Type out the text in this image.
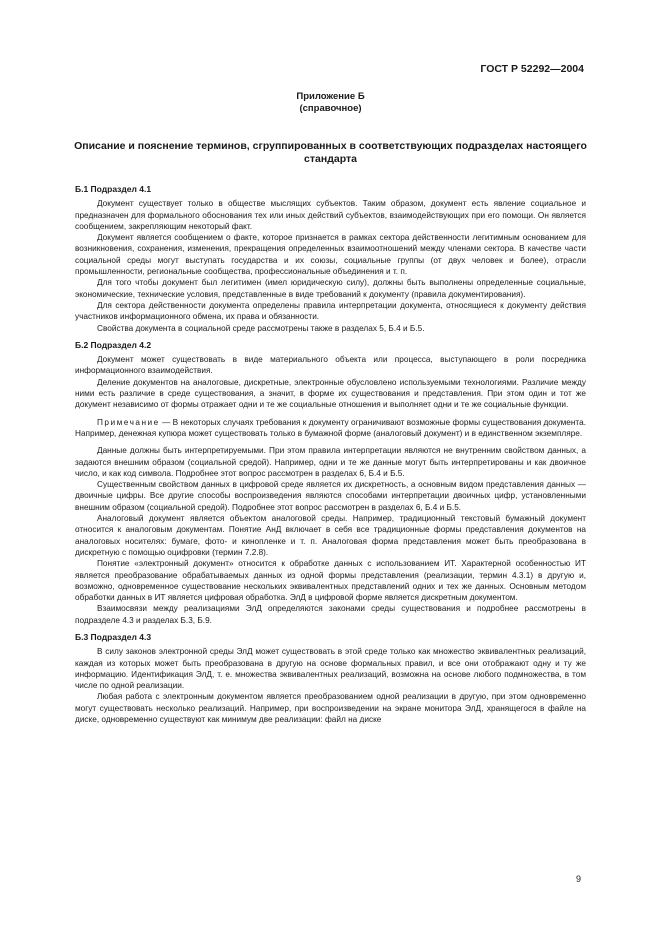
ГОСТ Р 52292—2004
Приложение Б
(справочное)
Описание и пояснение терминов, сгруппированных в соответствующих подразделах настоящего стандарта
Б.1 Подраздел 4.1

Документ существует только в обществе мыслящих субъектов. Таким образом, документ есть явление социальное и предназначен для формального обоснования тех или иных действий субъектов, взаимодействующих при его помощи. Он является сообщением, закрепляющим некоторый факт.

Документ является сообщением о факте, которое признается в рамках сектора действенности легитимным основанием для возникновения, сохранения, изменения, прекращения определенных взаимоотношений между членами сектора. В качестве части социальной среды могут выступать государства и их союзы, социальные группы (от двух человек и более), отрасли промышленности, региональные сообщества, профессиональные объединения и т. п.

Для того чтобы документ был легитимен (имел юридическую силу), должны быть выполнены определенные социальные, экономические, технические условия, представленные в виде требований к документу (правила документирования).

Для сектора действенности документа определены правила интерпретации документа, относящиеся к документу действия участников информационного обмена, их права и обязанности.

Свойства документа в социальной среде рассмотрены также в разделах 5, Б.4 и Б.5.

Б.2 Подраздел 4.2

Документ может существовать в виде материального объекта или процесса, выступающего в роли посредника информационного взаимодействия.

Деление документов на аналоговые, дискретные, электронные обусловлено используемыми технологиями. Различие между ними есть различие в среде существования, а значит, в форме их существования и представления. При этом один и тот же документ независимо от формы отражает одни и те же социальные отношения и выполняет одни и те же социальные функции.

Примечание — В некоторых случаях требования к документу ограничивают возможные формы существования документа. Например, денежная купюра может существовать только в бумажной форме (аналоговый документ) и в единственном экземпляре.

Данные должны быть интерпретируемыми. При этом правила интерпретации являются не внутренним свойством данных, а задаются внешним образом (социальной средой). Например, одни и те же данные могут быть интерпретированы и как двоичное число, и как код символа. Подробнее этот вопрос рассмотрен в разделах 6, Б.4 и Б.5.

Существенным свойством данных в цифровой среде является их дискретность, а основным видом представления данных — двоичные цифры. Все другие способы воспроизведения являются способами интерпретации двоичных цифр, установленными внешним образом (социальной средой). Подробнее этот вопрос рассмотрен в разделах 6, Б.4 и Б.5.

Аналоговый документ является объектом аналоговой среды. Например, традиционный текстовый бумажный документ относится к аналоговым документам. Понятие АнД включает в себя все традиционные формы представления документов на аналоговых носителях: бумаге, фото- и кинопленке и т. п. Аналоговая форма представления может быть преобразована в дискретную с помощью оцифровки (термин 7.2.8).

Понятие «электронный документ» относится к обработке данных с использованием ИТ. Характерной особенностью ИТ является преобразование обрабатываемых данных из одной формы представления (реализации, термин 4.3.1) в другую и, возможно, одновременное существование нескольких эквивалентных представлений одних и тех же данных. Основным методом обработки данных в ИТ является цифровая обработка. ЭлД в цифровой форме является дискретным документом.

Взаимосвязи между реализациями ЭлД определяются законами среды существования и подробнее рассмотрены в подразделе 4.3 и разделах Б.3, Б.9.

Б.3 Подраздел 4.3

В силу законов электронной среды ЭлД может существовать в этой среде только как множество эквивалентных реализаций, каждая из которых может быть преобразована в другую на основе формальных правил, и все они отображают одну и ту же информацию. Идентификация ЭлД, т. е. множества эквивалентных реализаций, возможна на основе любого подмножества, в том числе по одной реализации.

Любая работа с электронным документом является преобразованием одной реализации в другую, при этом одновременно могут существовать несколько реализаций. Например, при воспроизведении на экране монитора ЭлД, хранящегося в файле на диске, одновременно существуют как минимум две реализации: файл на диске

9
